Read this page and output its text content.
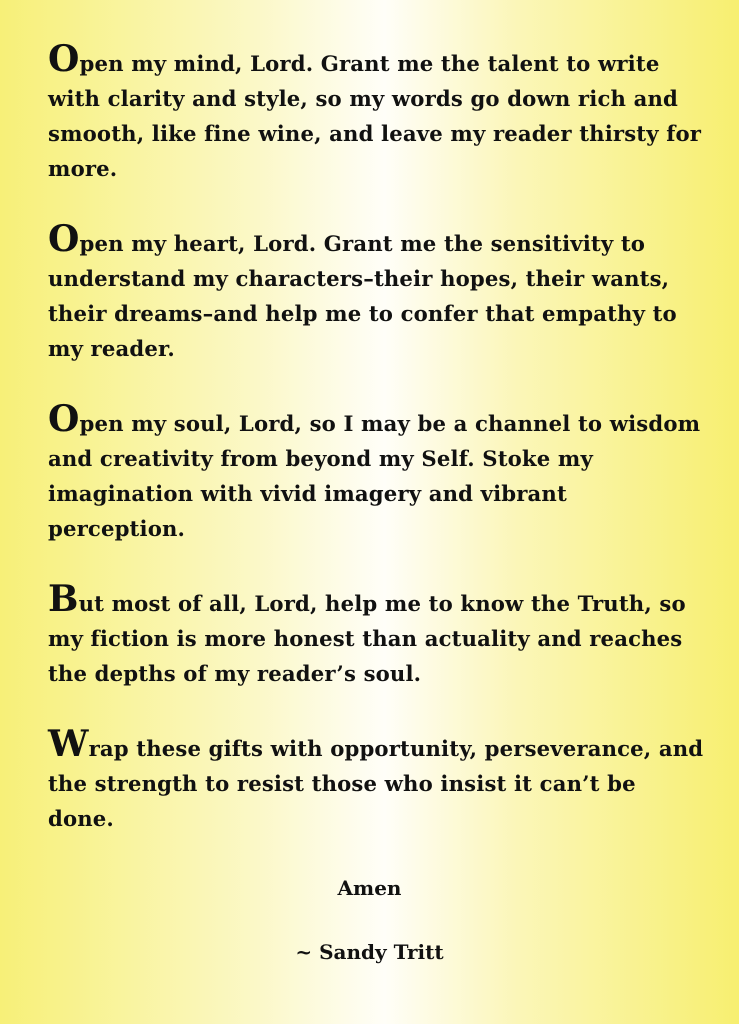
Open my mind, Lord. Grant me the talent to write with clarity and style, so my words go down rich and smooth, like fine wine, and leave my reader thirsty for more.

Open my heart, Lord. Grant me the sensitivity to understand my characters–their hopes, their wants, their dreams–and help me to confer that empathy to my reader.

Open my soul, Lord, so I may be a channel to wisdom and creativity from beyond my Self. Stoke my imagination with vivid imagery and vibrant perception.

But most of all, Lord, help me to know the Truth, so my fiction is more honest than actuality and reaches the depths of my reader’s soul.

Wrap these gifts with opportunity, perseverance, and the strength to resist those who insist it can’t be done.

Amen
~ Sandy Tritt
